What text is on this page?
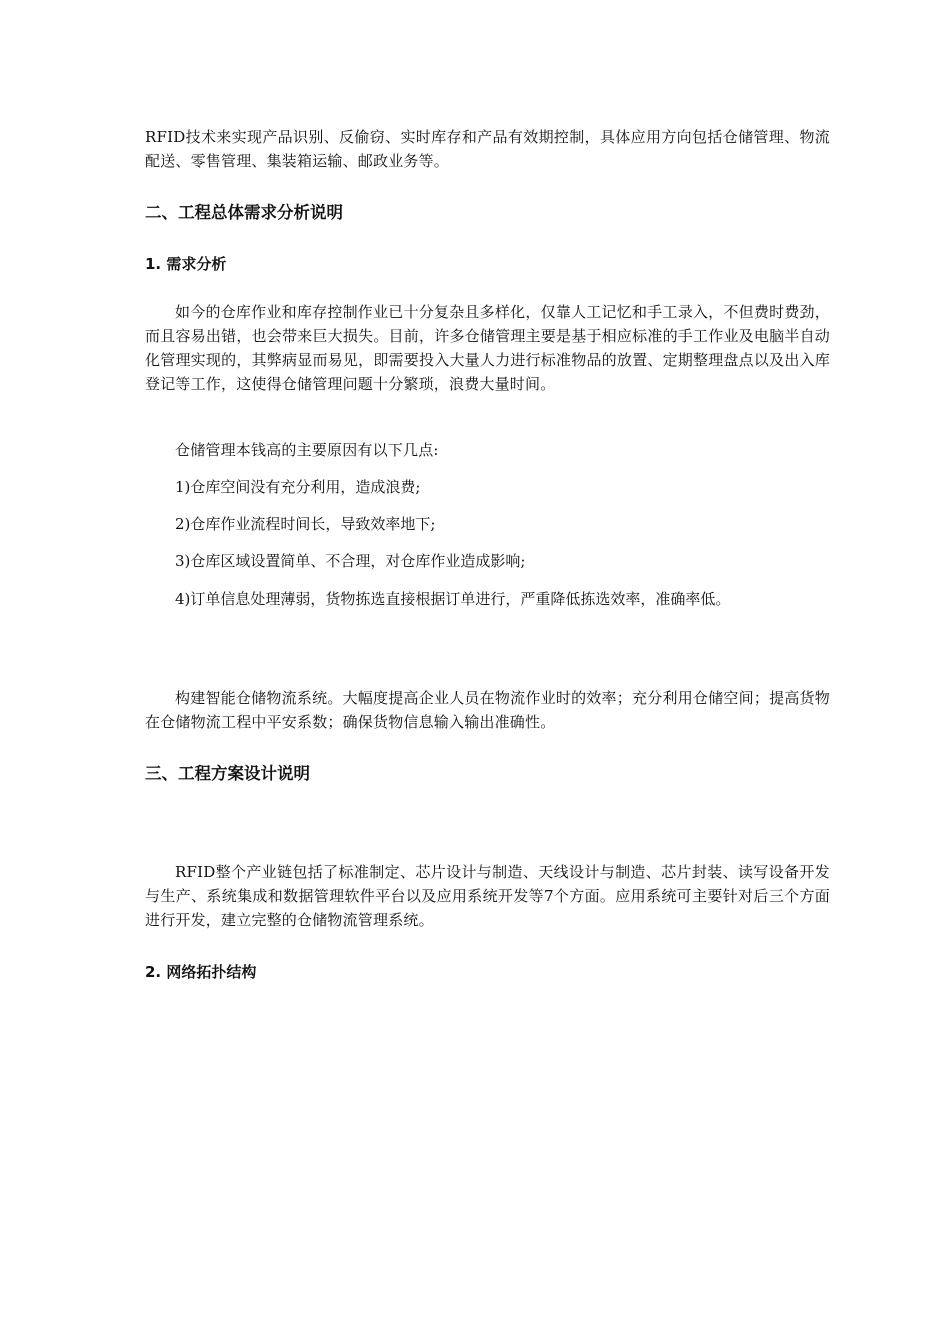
RFID技术来实现产品识别、反偷窃、实时库存和产品有效期控制，具体应用方向包括仓储管理、物流配送、零售管理、集装箱运输、邮政业务等。

二、工程总体需求分析说明
1. 需求分析

如今的仓库作业和库存控制作业已十分复杂且多样化，仅靠人工记忆和手工录入，不但费时费劲，而且容易出错，也会带来巨大损失。目前，许多仓储管理主要是基于相应标准的手工作业及电脑半自动化管理实现的，其弊病显而易见，即需要投入大量人力进行标准物品的放置、定期整理盘点以及出入库登记等工作，这使得仓储管理问题十分繁琐，浪费大量时间。

仓储管理本钱高的主要原因有以下几点:

1)仓库空间没有充分利用，造成浪费;

2)仓库作业流程时间长，导致效率地下;

3)仓库区域设置简单、不合理，对仓库作业造成影响;

4)订单信息处理薄弱，货物拣选直接根据订单进行，严重降低拣选效率，准确率低。

构建智能仓储物流系统。大幅度提高企业人员在物流作业时的效率；充分利用仓储空间；提高货物在仓储物流工程中平安系数；确保货物信息输入输出准确性。

三、工程方案设计说明

RFID整个产业链包括了标准制定、芯片设计与制造、天线设计与制造、芯片封装、读写设备开发与生产、系统集成和数据管理软件平台以及应用系统开发等7个方面。应用系统可主要针对后三个方面进行开发，建立完整的仓储物流管理系统。

2. 网络拓扑结构
